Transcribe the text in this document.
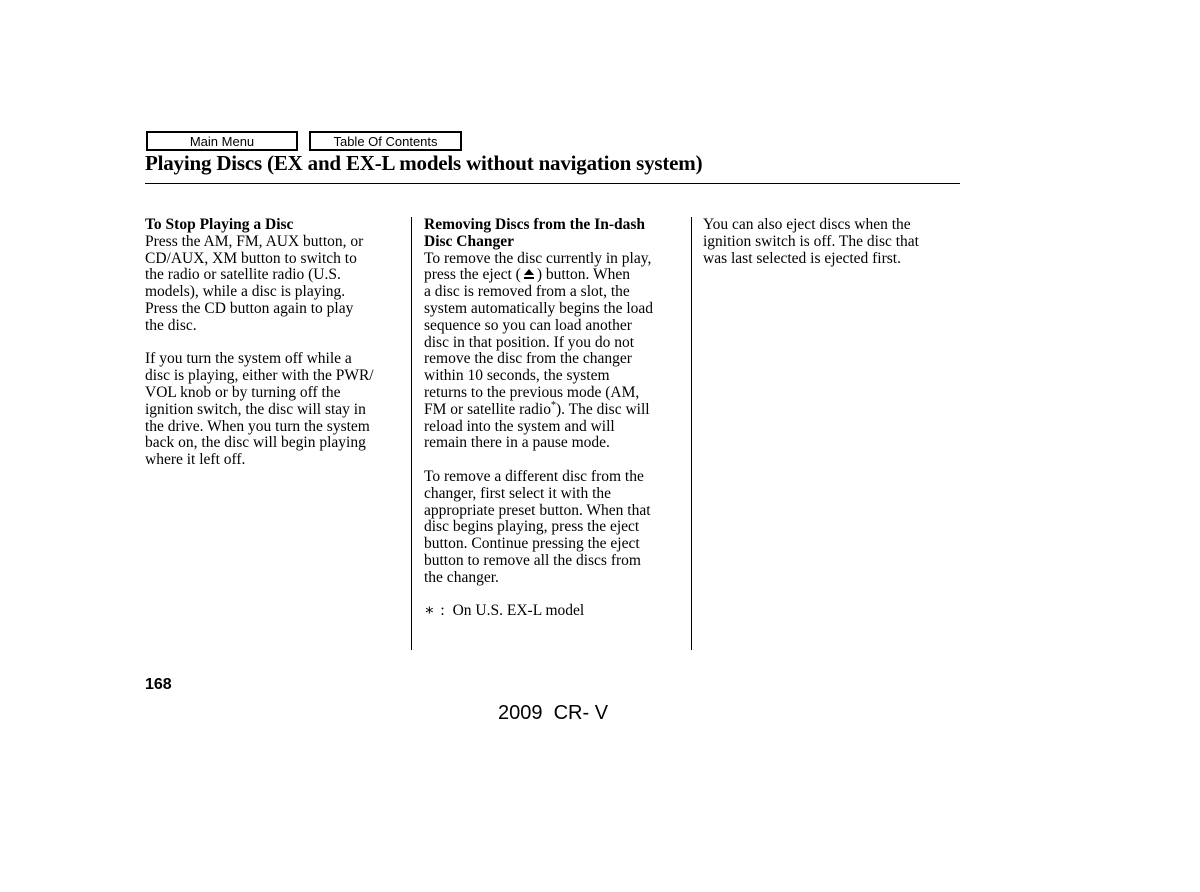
Main Menu	Table Of Contents
Playing Discs (EX and EX-L models without navigation system)

To Stop Playing a Disc

Press the AM, FM, AUX button, or
CD/AUX, XM button to switch to
the radio or satellite radio (U.S.
models), while a disc is playing.
Press the CD button again to play
the disc.

If you turn the system off while a
disc is playing, either with the PWR/
VOL knob or by turning off the
ignition switch, the disc will stay in
the drive. When you turn the system
back on, the disc will begin playing
where it left off.

Removing Discs from the In-dash
Disc Changer

To remove the disc currently in play,
press the eject ( ) button. When
a disc is removed from a slot, the
system automatically begins the load
sequence so you can load another
disc in that position. If you do not
remove the disc from the changer
within 10 seconds, the system
returns to the previous mode (AM,
FM or satellite radio*). The disc will
reload into the system and will
remain there in a pause mode.

To remove a different disc from the
changer, first select it with the
appropriate preset button. When that
disc begins playing, press the eject
button. Continue pressing the eject
button to remove all the discs from
the changer.

∗ : On U.S. EX-L model

You can also eject discs when the
ignition switch is off. The disc that
was last selected is ejected first.

168
2009  CR- V
